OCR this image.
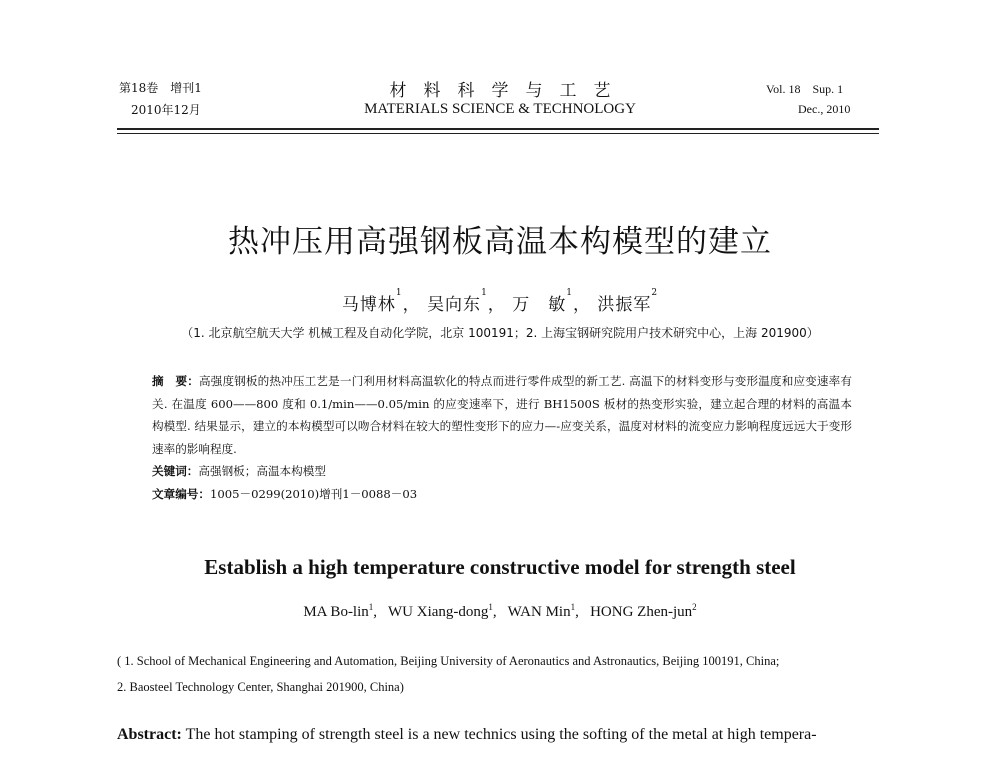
第18卷　增刊1
2010年12月
材　料　科　学　与　工　艺
MATERIALS SCIENCE & TECHNOLOGY
Vol. 18　Sup. 1
Dec., 2010
热冲压用高强钢板高温本构模型的建立
马博林$^1$， 吴向东$^1$， 万　敏$^1$， 洪振军$^2$
（1. 北京航空航天大学 机械工程及自动化学院，北京 100191；2. 上海宝钢研究院用户技术研究中心，上海 201900）
摘　要：高强度钢板的热冲压工艺是一门利用材料高温软化的特点而进行零件成型的新工艺. 高温下的材料变形与变形温度和应变速率有关. 在温度 600——800 度和 0.1/min——0.05/min 的应变速率下，进行 BH1500S 板材的热变形实验，建立起合理的材料的高温本构模型. 结果显示，建立的本构模型可以吻合材料在较大的塑性变形下的应力—-应变关系，温度对材料的流变应力影响程度远远大于变形速率的影响程度.
关键词：高强钢板；高温本构模型
文章编号：1005－0299(2010)增刊1－0088－03
Establish a high temperature constructive model for strength steel
MA Bo-lin$^1$,   WU Xiang-dong$^1$,   WAN Min$^1$,   HONG Zhen-jun$^2$
( 1. School of Mechanical Engineering and Automation, Beijing University of Aeronautics and Astronautics, Beijing 100191, China;
2. Baosteel Technology Center, Shanghai 201900, China)
Abstract: The hot stamping of strength steel is a new technics using the softing of the metal at high tempera-
